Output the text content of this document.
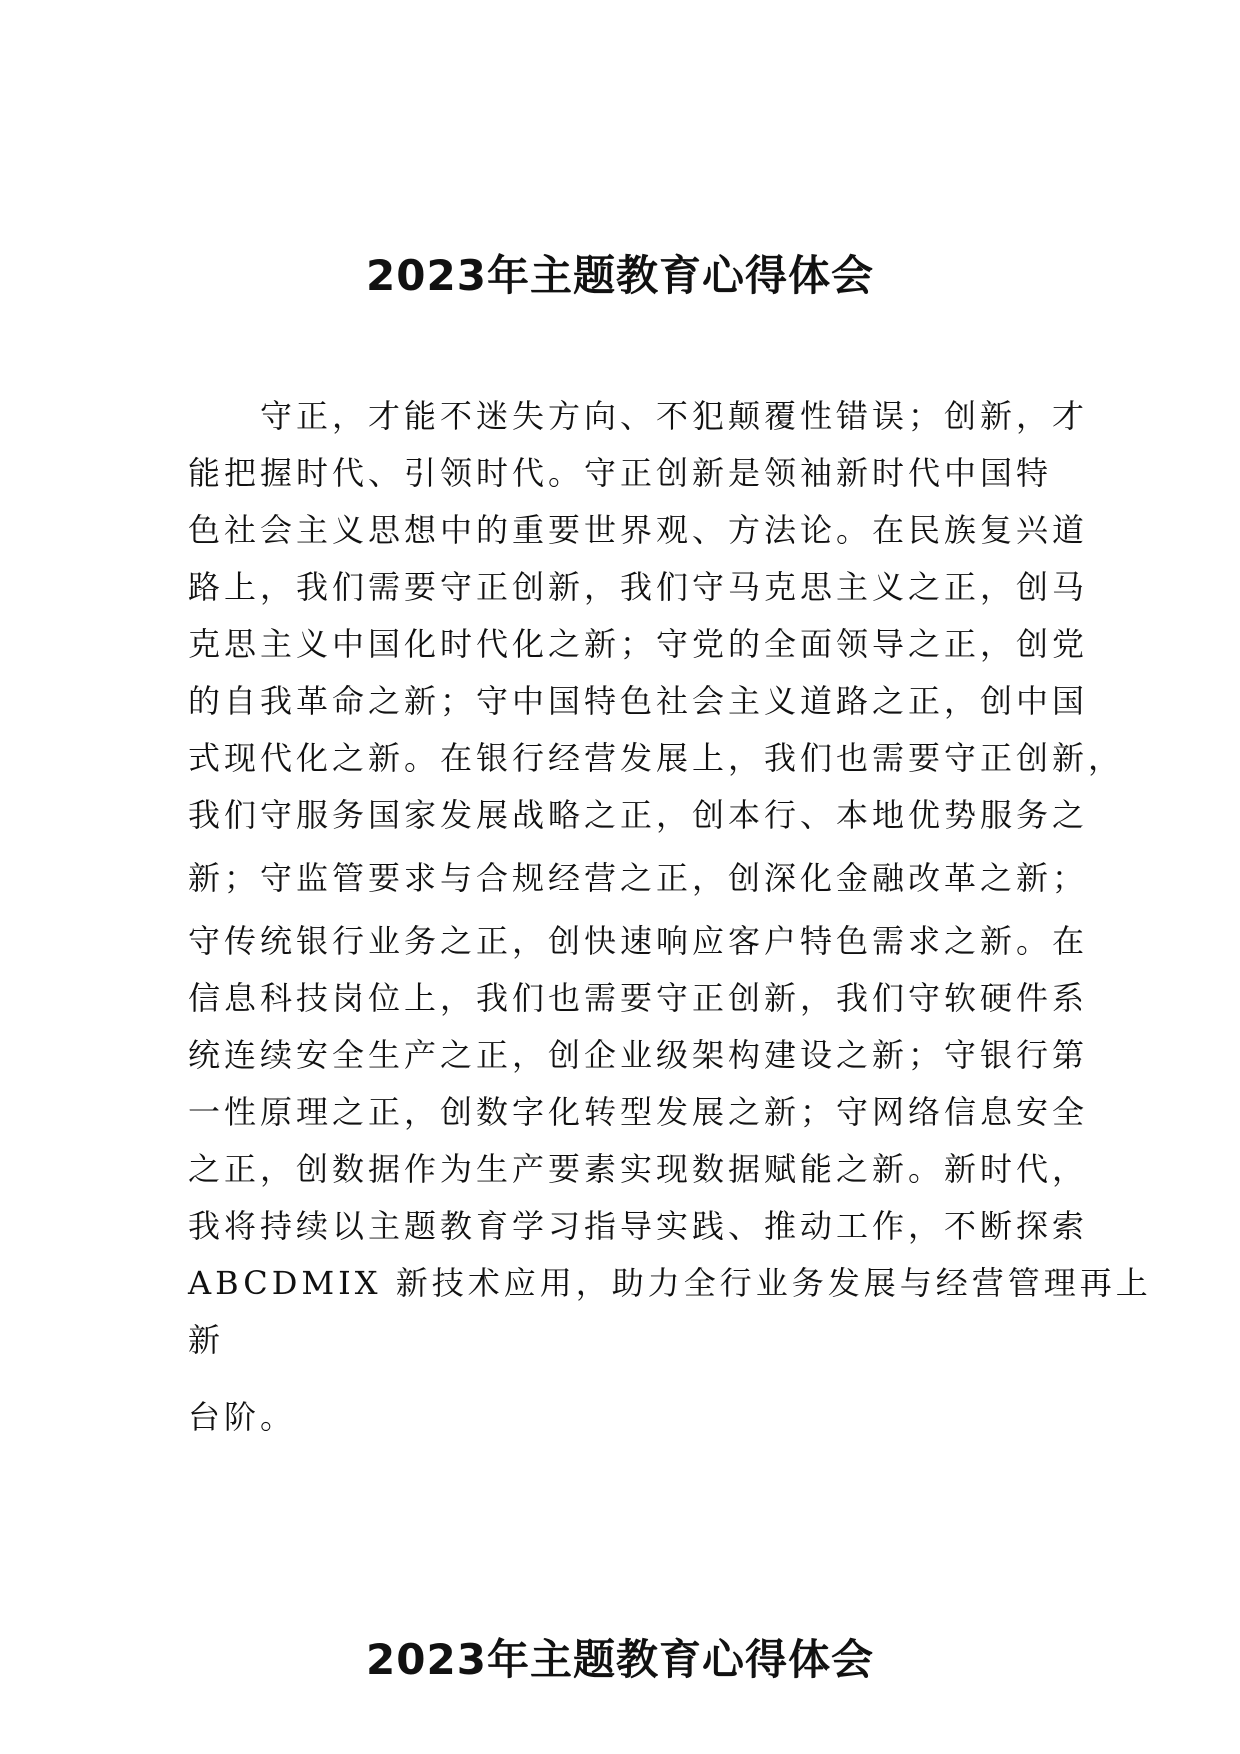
2023年主题教育心得体会
　　守正，才能不迷失方向、不犯颠覆性错误；创新，才
能把握时代、引领时代。守正创新是领袖新时代中国特
色社会主义思想中的重要世界观、方法论。在民族复兴道
路上，我们需要守正创新，我们守马克思主义之正，创马
克思主义中国化时代化之新；守党的全面领导之正，创党
的自我革命之新；守中国特色社会主义道路之正，创中国
式现代化之新。在银行经营发展上，我们也需要守正创新，
我们守服务国家发展战略之正，创本行、本地优势服务之
新；守监管要求与合规经营之正，创深化金融改革之新；
守传统银行业务之正，创快速响应客户特色需求之新。在
信息科技岗位上，我们也需要守正创新，我们守软硬件系
统连续安全生产之正，创企业级架构建设之新；守银行第
一性原理之正，创数字化转型发展之新；守网络信息安全
之正，创数据作为生产要素实现数据赋能之新。新时代，
我将持续以主题教育学习指导实践、推动工作，不断探索
ABCDMIX 新技术应用，助力全行业务发展与经营管理再上
新
台阶。
2023年主题教育心得体会
